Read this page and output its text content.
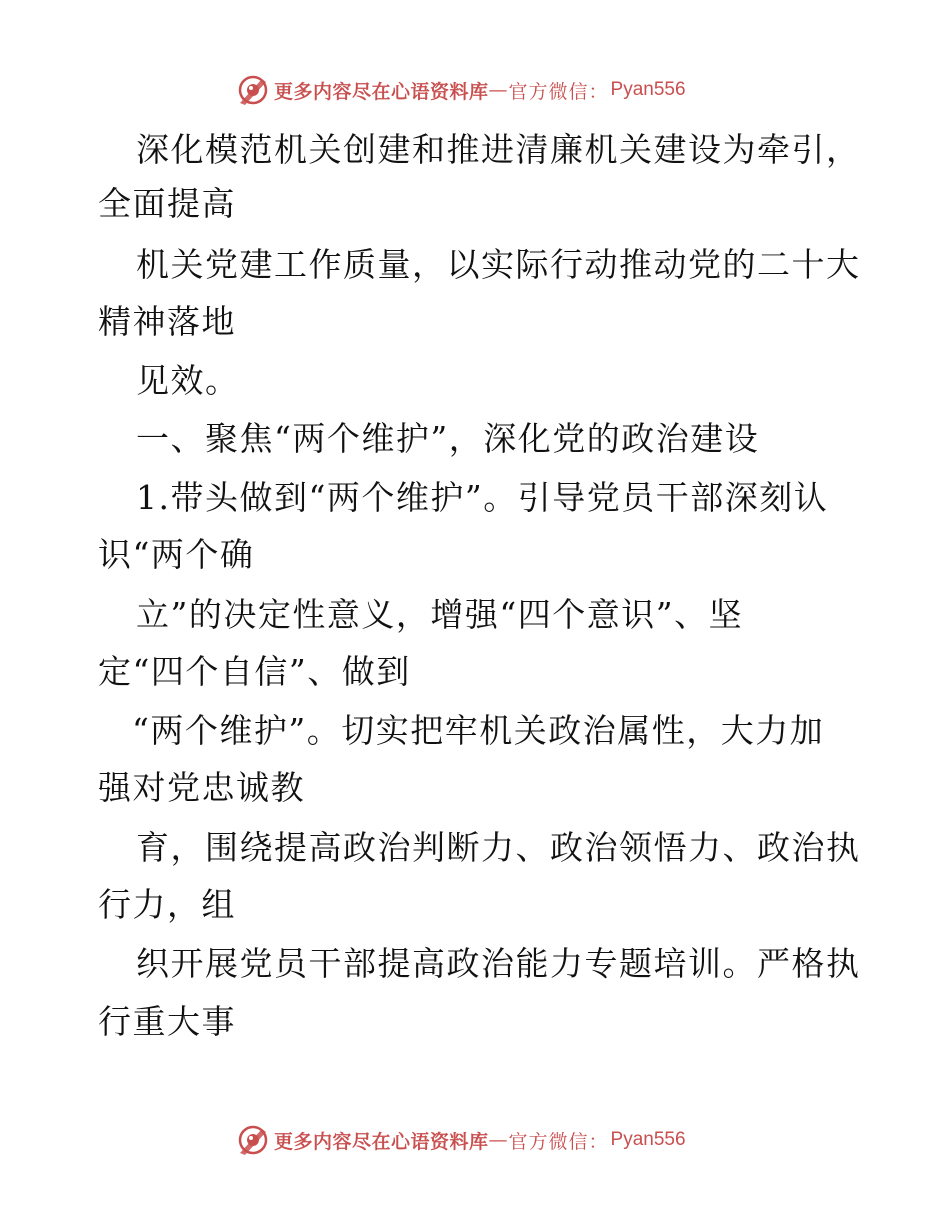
更多内容尽在心语资料库 — 官方微信： Pyan556

深化模范机关创建和推进清廉机关建设为牵引，

全面提高

机关党建工作质量，以实际行动推动党的二十大

精神落地

见效。

一、聚焦“两个维护”，深化党的政治建设

1.带头做到“两个维护”。引导党员干部深刻认

识“两个确

立”的决定性意义，增强“四个意识”、坚

定“四个自信”、做到

“两个维护”。切实把牢机关政治属性，大力加

强对党忠诚教

育，围绕提高政治判断力、政治领悟力、政治执

行力，组

织开展党员干部提高政治能力专题培训。严格执

行重大事

更多内容尽在心语资料库 — 官方微信： Pyan556
